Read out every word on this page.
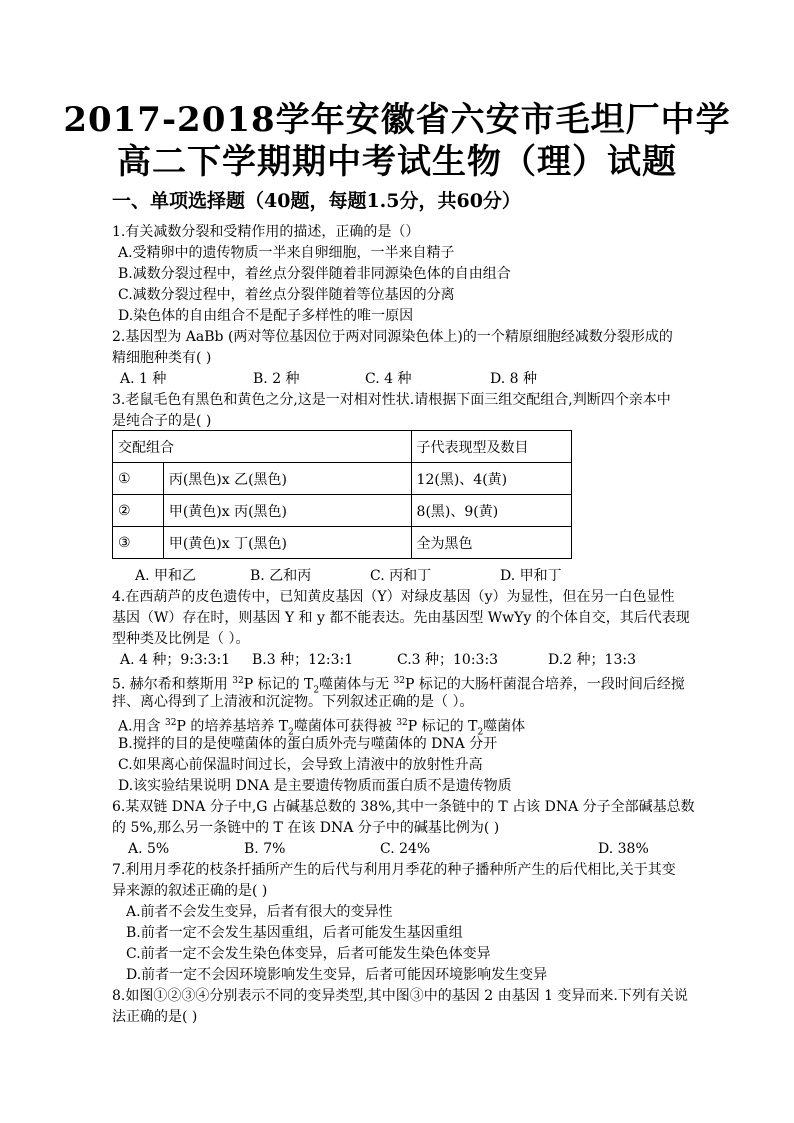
2017-2018学年安徽省六安市毛坦厂中学
高二下学期期中考试生物（理）试题
一、单项选择题（40题，每题1.5分，共60分）
1.有关减数分裂和受精作用的描述，正确的是（）
A.受精卵中的遗传物质一半来自卵细胞，一半来自精子
B.减数分裂过程中，着丝点分裂伴随着非同源染色体的自由组合
C.减数分裂过程中，着丝点分裂伴随着等位基因的分离
D.染色体的自由组合不是配子多样性的唯一原因
2.基因型为 AaBb (两对等位基因位于两对同源染色体上)的一个精原细胞经减数分裂形成的
精细胞种类有( )
A. 1 种	B. 2 种	C. 4 种	D. 8 种
3.老鼠毛色有黑色和黄色之分,这是一对相对性状.请根据下面三组交配组合,判断四个亲本中
是纯合子的是( )
交配组合		子代表现型及数目
①	丙(黑色)x 乙(黑色)	12(黑)、4(黄)
②	甲(黄色)x 丙(黑色)	8(黑)、9(黄)
③	甲(黄色)x 丁(黑色)	全为黑色
A. 甲和乙	B. 乙和丙	C. 丙和丁	D. 甲和丁
4.在西葫芦的皮色遗传中，已知黄皮基因（Y）对绿皮基因（y）为显性，但在另一白色显性
基因（W）存在时，则基因 Y 和 y 都不能表达。先由基因型 WwYy 的个体自交，其后代表现
型种类及比例是（ ）。
A. 4 种；9:3:3:1 B.3 种；12:3:1	C.3 种；10:3:3	D.2 种；13:3
5. 赫尔希和蔡斯用 $^{32}$P 标记的 $T_2$噬菌体与无 $^{32}$P 标记的大肠杆菌混合培养，一段时间后经搅
拌、离心得到了上清液和沉淀物。下列叙述正确的是（ ）。
A.用含 $^{32}$P 的培养基培养 $T_2$噬菌体可获得被 $^{32}$P 标记的 $T_2$噬菌体
B.搅拌的目的是使噬菌体的蛋白质外壳与噬菌体的 DNA 分开
C.如果离心前保温时间过长，会导致上清液中的放射性升高
D.该实验结果说明 DNA 是主要遗传物质而蛋白质不是遗传物质
6.某双链 DNA 分子中,G 占碱基总数的 38%,其中一条链中的 T 占该 DNA 分子全部碱基总数
的 5%,那么另一条链中的 T 在该 DNA 分子中的碱基比例为( )
A. 5%	B. 7%	C. 24%	D. 38%
7.利用月季花的枝条扦插所产生的后代与利用月季花的种子播种所产生的后代相比,关于其变
异来源的叙述正确的是( )
A.前者不会发生变异，后者有很大的变异性
B.前者一定不会发生基因重组，后者可能发生基因重组
C.前者一定不会发生染色体变异，后者可能发生染色体变异
D.前者一定不会因环境影响发生变异，后者可能因环境影响发生变异
8.如图①②③④分别表示不同的变异类型,其中图③中的基因 2 由基因 1 变异而来.下列有关说
法正确的是( )
